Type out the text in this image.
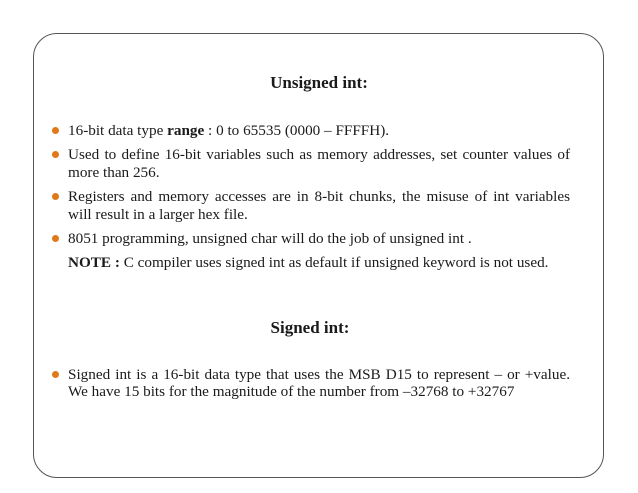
Unsigned int:
16-bit data type range : 0 to 65535 (0000 – FFFFH).
Used to define 16-bit variables such as memory addresses, set counter values of more than 256.
Registers and memory accesses are in 8-bit chunks, the misuse of int variables will result in a larger hex file.
8051 programming, unsigned char will do the job of unsigned int .
NOTE : C compiler uses signed int as default if unsigned keyword is not used.
Signed int:
Signed int is a 16-bit data type that uses the MSB D15 to represent – or +value. We have 15 bits for the magnitude of the number from –32768 to +32767
